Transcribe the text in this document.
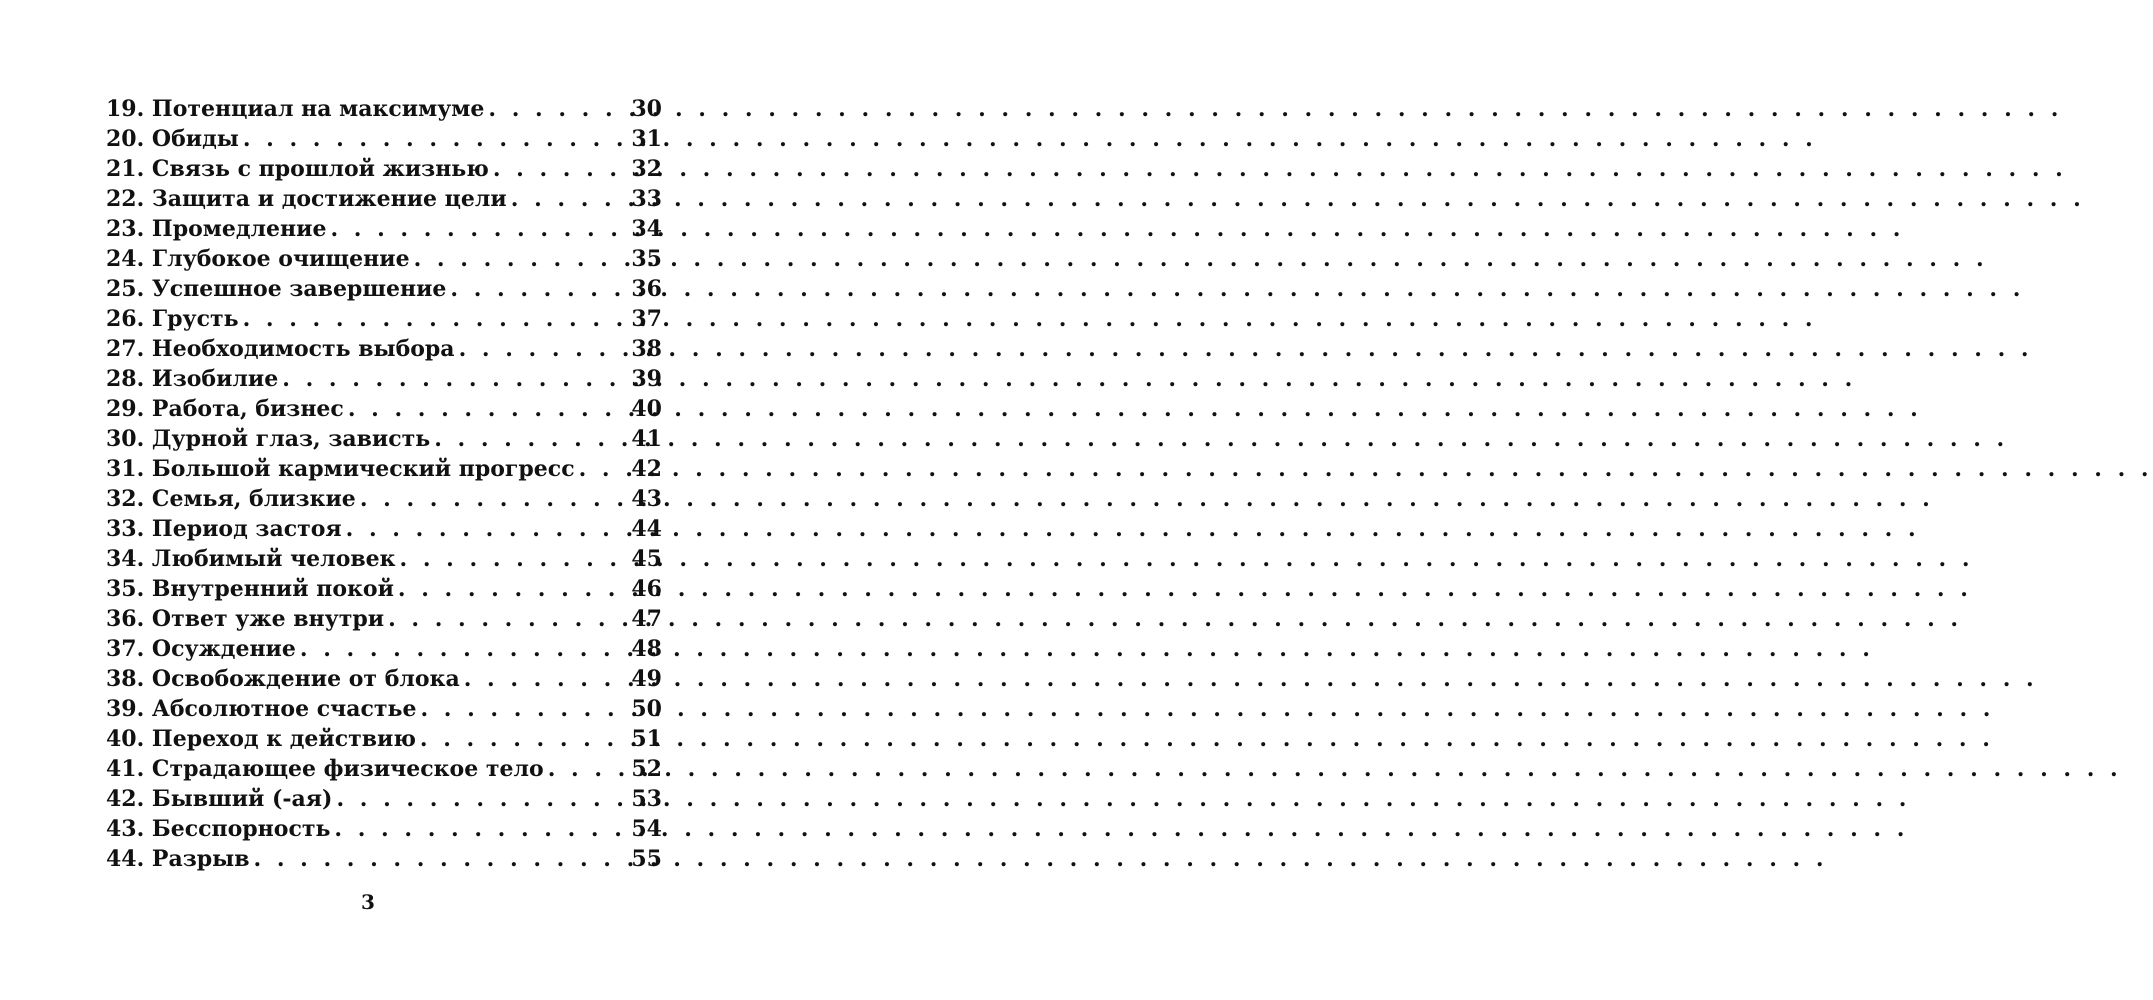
19. Потенциал на максимуме . . .	30
20. Обиды . . .	31
21. Связь с прошлой жизнью . . .	32
22. Защита и достижение цели . . .	33
23. Промедление . . .	34
24. Глубокое очищение . . .	35
25. Успешное завершение . . .	36
26. Грусть . . .	37
27. Необходимость выбора . . .	38
28. Изобилие . . .	39
29. Работа, бизнес . . .	40
30. Дурной глаз, зависть . . .	41
31. Большой кармический прогресс . . .	42
32. Семья, близкие . . .	43
33. Период застоя . . .	44
34. Любимый человек . . .	45
35. Внутренний покой . . .	46
36. Ответ уже внутри . . .	47
37. Осуждение . . .	48
38. Освобождение от блока . . .	49
39. Абсолютное счастье . . .	50
40. Переход к действию . . .	51
41. Страдающее физическое тело . . .	52
42. Бывший (-ая) . . .	53
43. Бесспорность . . .	54
44. Разрыв . . .	55
3
